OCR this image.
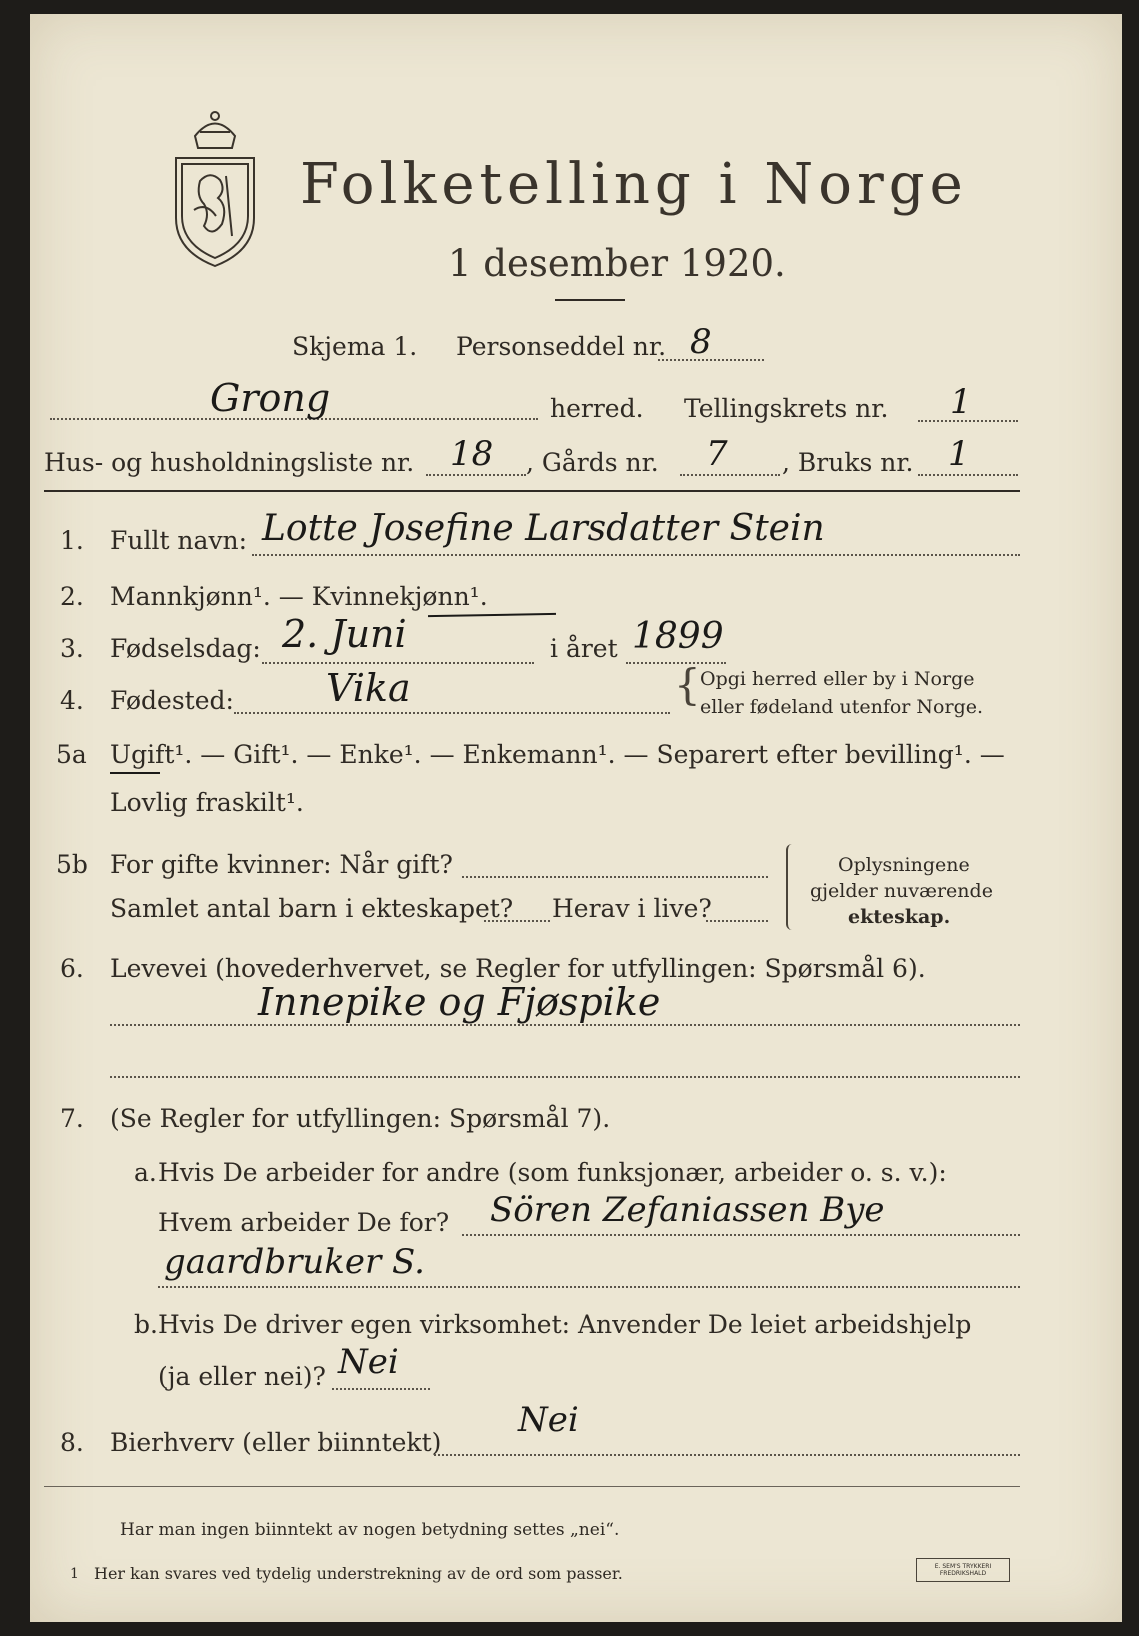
Folketelling i Norge
1 desember 1920.
Skjema 1. Personseddel nr. 8
Grong	herred. Tellingskrets nr. 1
Hus- og husholdningsliste nr. 18 , Gårds nr. 7 , Bruks nr. 1
1. Fullt navn: Lotte Josefine Larsdatter Stein
2. Mannkjønn¹. — Kvinnekjønn¹.
3. Fødselsdag: 2. Juni	i året 1899
4. Fødested: Vika	{ Opgi herred eller by i Norge
eller fødeland utenfor Norge.
5a Ugift¹. — Gift¹. — Enke¹. — Enkemann¹. — Separert efter bevilling¹. —
Lovlig fraskilt¹.
5b For gifte kvinner: Når gift?
Samlet antal barn i ekteskapet? Herav i live?
Oplysningene
gjelder nuværende
ekteskap.
6. Levevei (hovederhvervet, se Regler for utfyllingen: Spørsmål 6).
Innepike og Fjøspike
7. (Se Regler for utfyllingen: Spørsmål 7).
a. Hvis De arbeider for andre (som funksjonær, arbeider o. s. v.):
Hvem arbeider De for? Sören Zefaniassen Bye
gaardbruker S.
b. Hvis De driver egen virksomhet: Anvender De leiet arbeidshjelp
(ja eller nei)? Nei
8. Bierhverv (eller biinntekt)
Nei
Har man ingen biinntekt av nogen betydning settes „nei“.
1 Her kan svares ved tydelig understrekning av de ord som passer.	E. SEM'S TRYKKERI FREDRIKSHALD
